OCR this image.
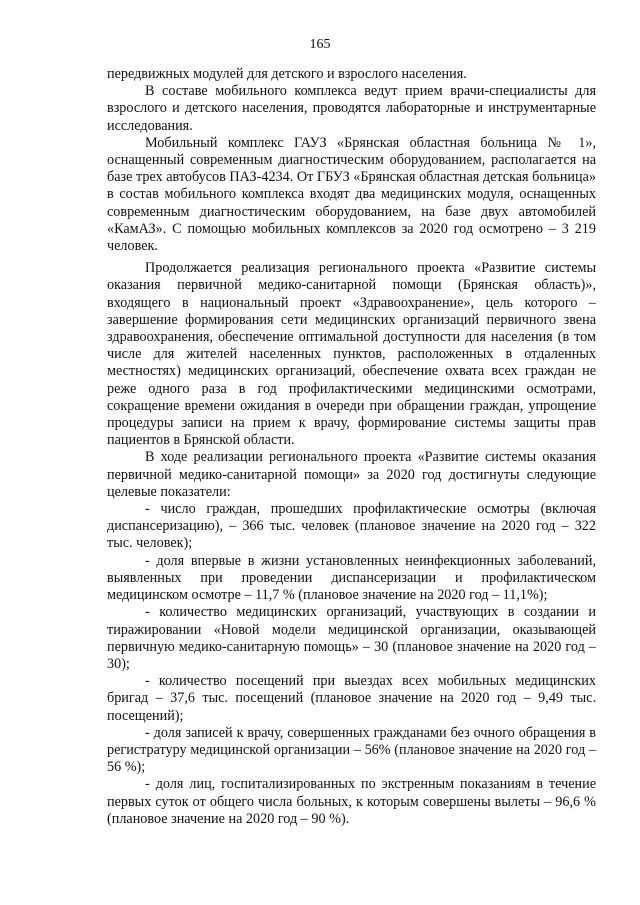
165

передвижных модулей для детского и взрослого населения.

В составе мобильного комплекса ведут прием врачи-специалисты для взрослого и детского населения, проводятся лабораторные и инструментарные исследования.

Мобильный комплекс ГАУЗ «Брянская областная больница № 1», оснащенный современным диагностическим оборудованием, располагается на базе трех автобусов ПАЗ-4234. От ГБУЗ «Брянская областная детская больница» в состав мобильного комплекса входят два медицинских модуля, оснащенных современным диагностическим оборудованием, на базе двух автомобилей «КамАЗ». С помощью мобильных комплексов за 2020 год осмотрено – 3 219 человек.

Продолжается реализация регионального проекта «Развитие системы оказания первичной медико-санитарной помощи (Брянская область)», входящего в национальный проект «Здравоохранение», цель которого – завершение формирования сети медицинских организаций первичного звена здравоохранения, обеспечение оптимальной доступности для населения (в том числе для жителей населенных пунктов, расположенных в отдаленных местностях) медицинских организаций, обеспечение охвата всех граждан не реже одного раза в год профилактическими медицинскими осмотрами, сокращение времени ожидания в очереди при обращении граждан, упрощение процедуры записи на прием к врачу, формирование системы защиты прав пациентов в Брянской области.

В ходе реализации регионального проекта «Развитие системы оказания первичной медико-санитарной помощи» за 2020 год достигнуты следующие целевые показатели:

- число граждан, прошедших профилактические осмотры (включая диспансеризацию), – 366 тыс. человек (плановое значение на 2020 год – 322 тыс. человек);

- доля впервые в жизни установленных неинфекционных заболеваний, выявленных при проведении диспансеризации и профилактическом медицинском осмотре – 11,7 % (плановое значение на 2020 год – 11,1%);

- количество медицинских организаций, участвующих в создании и тиражировании «Новой модели медицинской организации, оказывающей первичную медико-санитарную помощь» – 30 (плановое значение на 2020 год – 30);

- количество посещений при выездах всех мобильных медицинских бригад – 37,6 тыс. посещений (плановое значение на 2020 год – 9,49 тыс. посещений);

- доля записей к врачу, совершенных гражданами без очного обращения в регистратуру медицинской организации – 56% (плановое значение на 2020 год – 56 %);

- доля лиц, госпитализированных по экстренным показаниям в течение первых суток от общего числа больных, к которым совершены вылеты – 96,6 % (плановое значение на 2020 год – 90 %).
